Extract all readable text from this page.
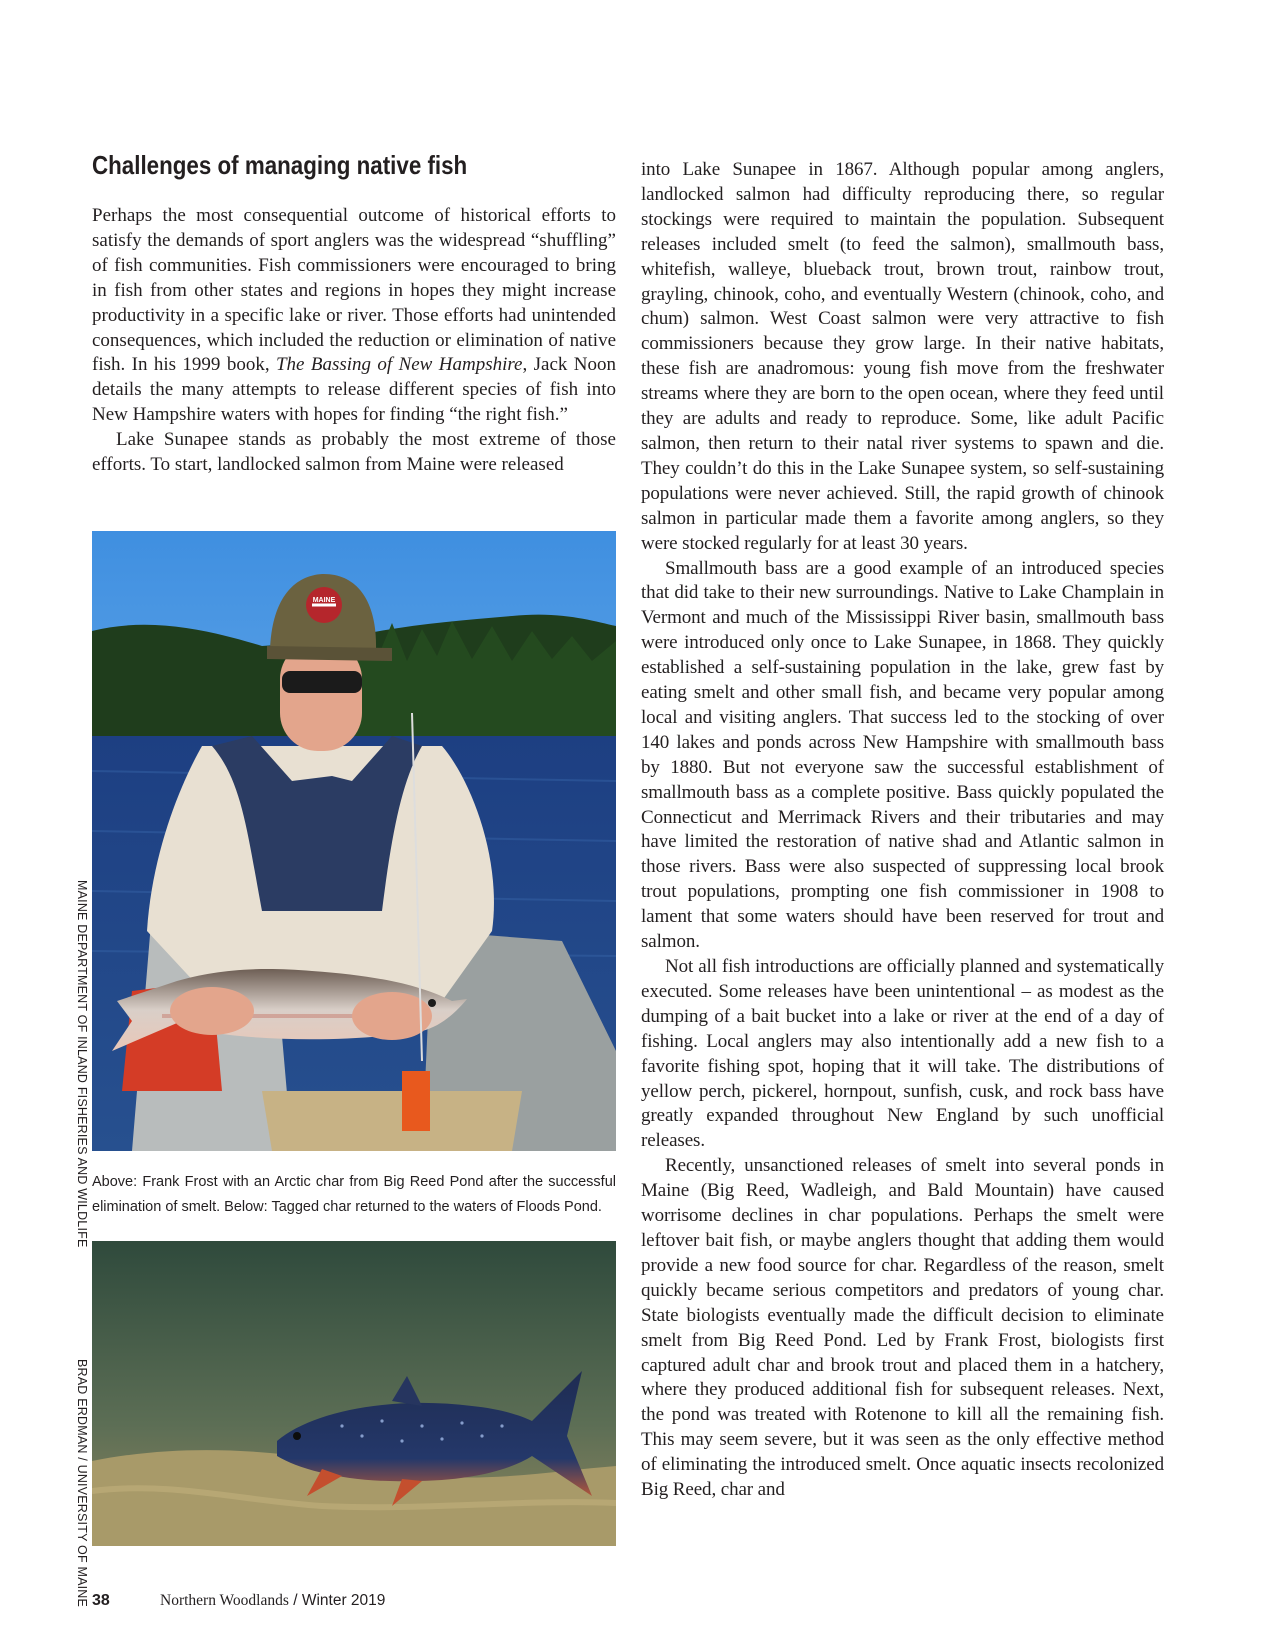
Challenges of managing native fish

Perhaps the most consequential outcome of historical efforts to satisfy the demands of sport anglers was the widespread “shuffling” of fish communities. Fish commissioners were encouraged to bring in fish from other states and regions in hopes they might increase productivity in a specific lake or river. Those efforts had unintended consequences, which included the reduction or elimination of native fish. In his 1999 book, The Bassing of New Hampshire, Jack Noon details the many attempts to release different species of fish into New Hampshire waters with hopes for finding “the right fish.”

Lake Sunapee stands as probably the most extreme of those efforts. To start, landlocked salmon from Maine were released

MAINE
MAINE DEPARTMENT OF INLAND FISHERIES AND WILDLIFE Above: Frank Frost with an Arctic char from Big Reed Pond after the successful elimination of smelt. Below: Tagged char returned to the waters of Floods Pond.

BRAD ERDMAN / UNIVERSITY OF MAINE

into Lake Sunapee in 1867. Although popular among anglers, landlocked salmon had difficulty reproducing there, so regular stockings were required to maintain the population. Subsequent releases included smelt (to feed the salmon), smallmouth bass, whitefish, walleye, blueback trout, brown trout, rainbow trout, grayling, chinook, coho, and eventually Western (chinook, coho, and chum) salmon. West Coast salmon were very attractive to fish commissioners because they grow large. In their native habitats, these fish are anadromous: young fish move from the freshwater streams where they are born to the open ocean, where they feed until they are adults and ready to reproduce. Some, like adult Pacific salmon, then return to their natal river systems to spawn and die. They couldn’t do this in the Lake Sunapee system, so self-sustaining populations were never achieved. Still, the rapid growth of chinook salmon in particular made them a favorite among anglers, so they were stocked regularly for at least 30 years.

Smallmouth bass are a good example of an introduced species that did take to their new surroundings. Native to Lake Champlain in Vermont and much of the Mississippi River basin, smallmouth bass were introduced only once to Lake Sunapee, in 1868. They quickly established a self-sustaining population in the lake, grew fast by eating smelt and other small fish, and became very popular among local and visiting anglers. That success led to the stocking of over 140 lakes and ponds across New Hampshire with smallmouth bass by 1880. But not everyone saw the successful establishment of smallmouth bass as a complete positive. Bass quickly populated the Connecticut and Merrimack Rivers and their tributaries and may have limited the restoration of native shad and Atlantic salmon in those rivers. Bass were also suspected of suppressing local brook trout populations, prompting one fish commissioner in 1908 to lament that some waters should have been reserved for trout and salmon.

Not all fish introductions are officially planned and systematically executed. Some releases have been unintentional – as modest as the dumping of a bait bucket into a lake or river at the end of a day of fishing. Local anglers may also intentionally add a new fish to a favorite fishing spot, hoping that it will take. The distributions of yellow perch, pickerel, hornpout, sunfish, cusk, and rock bass have greatly expanded throughout New England by such unofficial releases.

Recently, unsanctioned releases of smelt into several ponds in Maine (Big Reed, Wadleigh, and Bald Mountain) have caused worrisome declines in char populations. Perhaps the smelt were leftover bait fish, or maybe anglers thought that adding them would provide a new food source for char. Regardless of the reason, smelt quickly became serious competitors and predators of young char. State biologists eventually made the difficult decision to eliminate smelt from Big Reed Pond. Led by Frank Frost, biologists first captured adult char and brook trout and placed them in a hatchery, where they produced additional fish for subsequent releases. Next, the pond was treated with Rotenone to kill all the remaining fish. This may seem severe, but it was seen as the only effective method of eliminating the introduced smelt. Once aquatic insects recolonized Big Reed, char and

38	Northern Woodlands / Winter 2019
